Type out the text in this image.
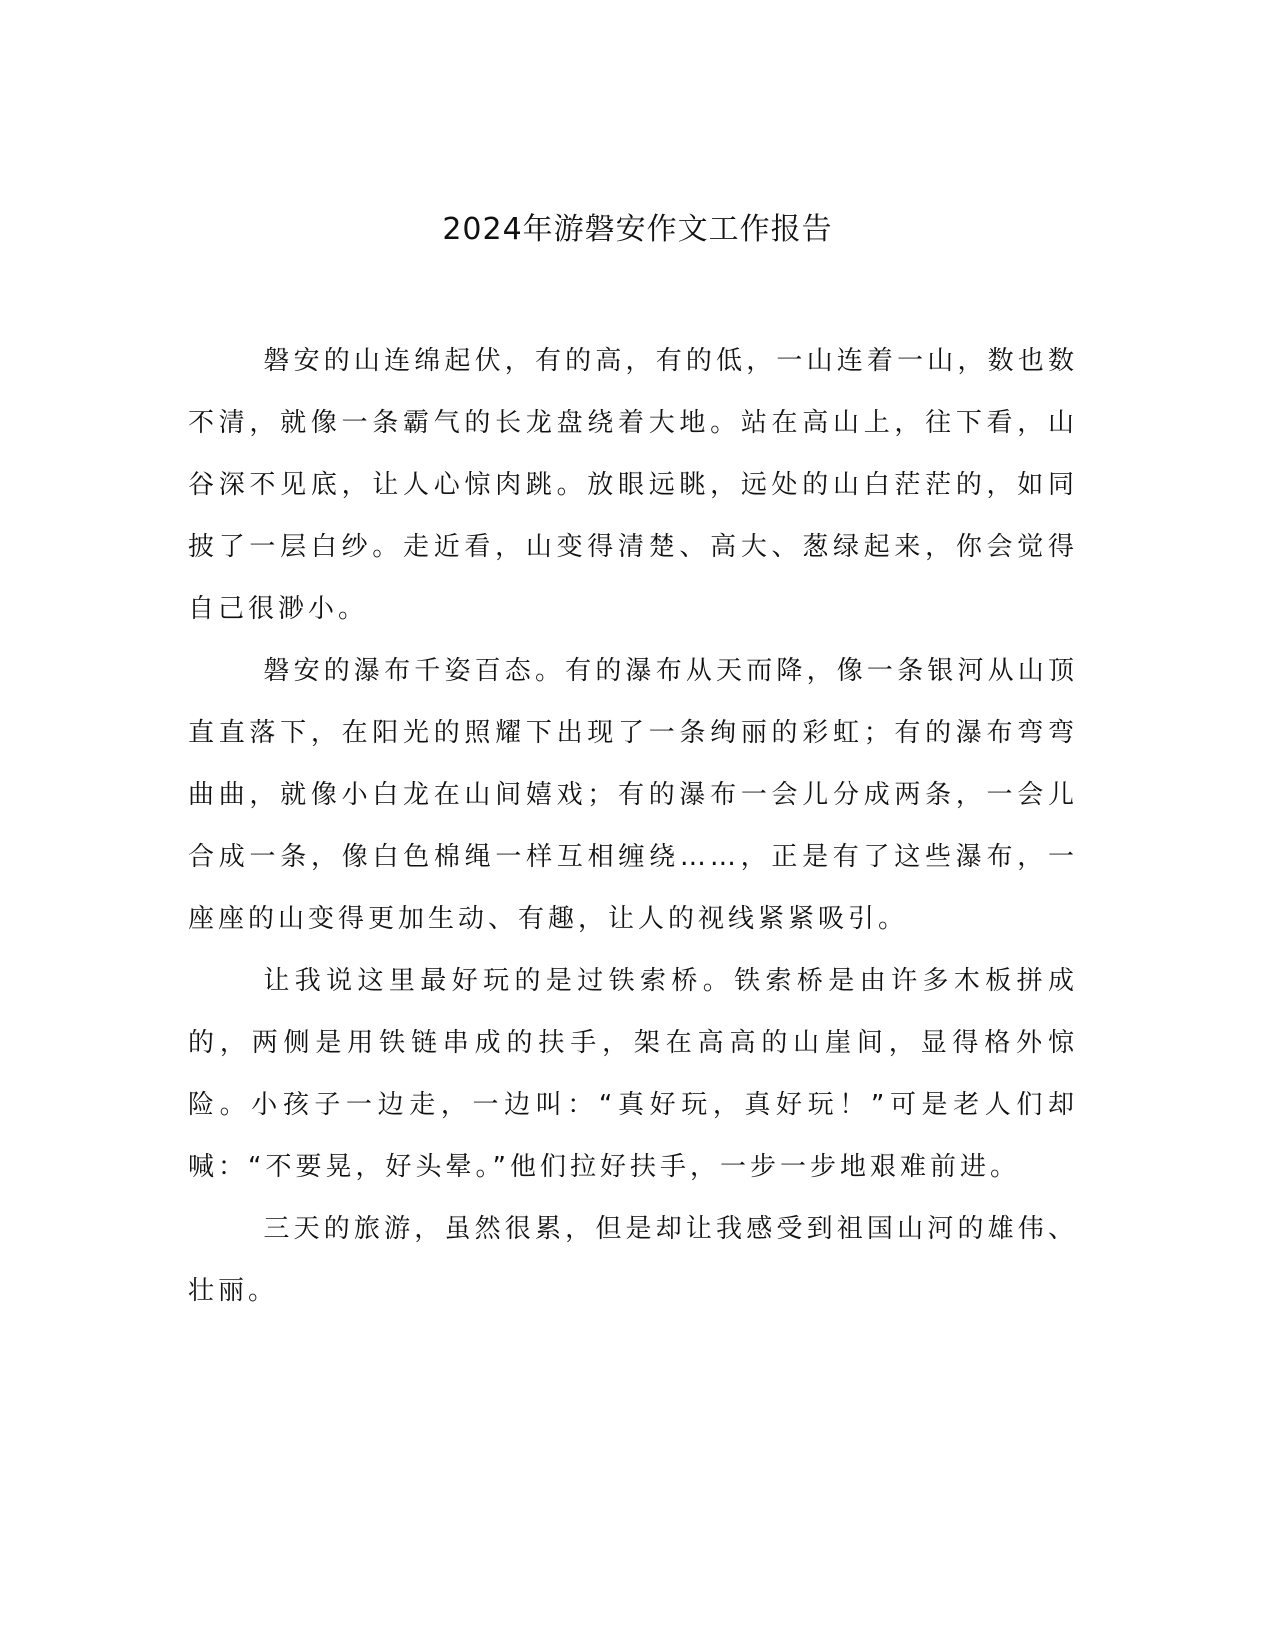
2024年游磐安作文工作报告

磐安的山连绵起伏，有的高，有的低，一山连着一山，数也数不清，就像一条霸气的长龙盘绕着大地。站在高山上，往下看，山谷深不见底，让人心惊肉跳。放眼远眺，远处的山白茫茫的，如同披了一层白纱。走近看，山变得清楚、高大、葱绿起来，你会觉得自己很渺小。

磐安的瀑布千姿百态。有的瀑布从天而降，像一条银河从山顶直直落下，在阳光的照耀下出现了一条绚丽的彩虹；有的瀑布弯弯曲曲，就像小白龙在山间嬉戏；有的瀑布一会儿分成两条，一会儿合成一条，像白色棉绳一样互相缠绕……，正是有了这些瀑布，一座座的山变得更加生动、有趣，让人的视线紧紧吸引。

让我说这里最好玩的是过铁索桥。铁索桥是由许多木板拼成的，两侧是用铁链串成的扶手，架在高高的山崖间，显得格外惊险。小孩子一边走，一边叫：“真好玩，真好玩！”可是老人们却喊：“不要晃，好头晕。”他们拉好扶手，一步一步地艰难前进。

三天的旅游，虽然很累，但是却让我感受到祖国山河的雄伟、壮丽。
